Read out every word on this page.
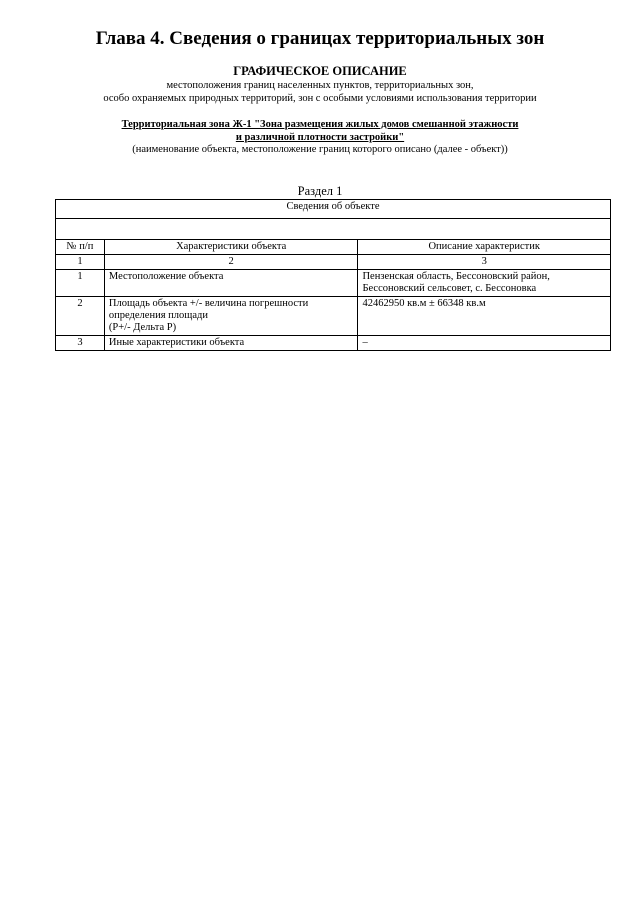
Глава 4. Сведения о границах территориальных зон
ГРАФИЧЕСКОЕ ОПИСАНИЕ
местоположения границ населенных пунктов, территориальных зон,
особо охраняемых природных территорий, зон с особыми условиями использования территории
Территориальная зона Ж-1 "Зона размещения жилых домов смешанной этажности
и различной плотности застройки"
(наименование объекта, местоположение границ которого описано (далее - объект))
Раздел 1
Сведения об объекте		

№ п/п	Характеристики объекта	Описание характеристик
1	2	3
1	Местоположение объекта	Пензенская область, Бессоновский район,
Бессоновский сельсовет, с. Бессоновка

2	Площадь объекта +/- величина погрешности
определения площади
(P+/- Дельта P)	42462950 кв.м ± 66348 кв.м
3	Иные характеристики объекта	–
